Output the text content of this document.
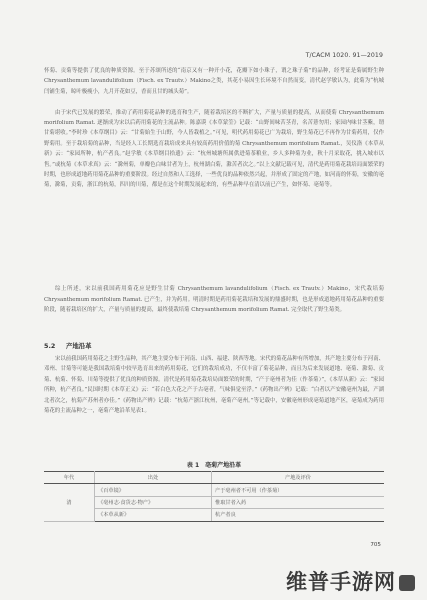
T/CACM 1020. 91—2019

怀菊、贡菊等提供了优良的种质资源。至于苏颂所述的“南京又有一种开小花，花瓣下如小珠子，谓之珠子菊”的品种，经考证是菊属野生种 Chrysanthemum lavandulifolium（Fisch. ex Trautv.）Makino之类，其花小易因生长环境不自然而变，清代赵学敏认为，此菊为“杭城闫铺生菊，晾叶极瘦小，九月开花如豆，香而且甘的城头菊”。

由于宋代已发展的繁荣，推动了药用菊花品种的选育和生产，随着栽培区的不断扩大，产量与质量的提高，从而使菊 Chrysanthemum morifolium Ramat. 逐渐成为宋以后药用菊花的主流品种。陈嘉谟《本草蒙筌》记载：“山野间味苦茎青，名苦薏勿用；家园内味甘茎紫，谓甘菊堪收。”李时珍《本草纲目》云：“甘菊始生于山野，今人皆栽植之。”可见，明代药用菊花已广为栽培，野生菊花已不再作为甘菊药用，仅作野菊用。至于栽培菊的品种，当是经人工长期选育栽培成来具有较高药用价值的菊 Chrysanthemum morifolium Ramat.，吴仪洛《本草从新》云：“家园所种，杭产者良。”赵学敏《本草纲目拾遗》云：“杭州城塘所属供进菊茶粮业，乡人多种菊为业，秋十月采取花，挑入城市以售。”或杭菊《本草求真》云：“滁州菊，单瓣色白味甘者为上，杭州湖白菊，滁苦者次之。”以上文献记载可见，清代是药用菊花栽培局面繁荣的时期，也形成道地药用菊花品种的重要阶段。经过自然和人工选择，一些优良的品种依然兴起，并形成了固定的产地，如河南的怀菊，安徽的亳菊，滁菊，贡菊，浙江的杭菊，四川的川菊，都是在这个时期发展起来的，有些品种早在清以前已产生，如怀菊、亳菊等。

综上所述，宋以前我国药用菊花应是野生甘菊 Chrysanthemum lavandulifolium（Fisch. ex Trautv.）Makino，宋代栽培菊 Chrysanthemum morifolium Ramat. 已产生，并为药用。明清时期是药用菊花栽培和发展的鼎盛时期，也是形成道地药用菊花品种的重要阶段，随着栽培区的扩大，产量与质量的提高，最终使栽培菊 Chrysanthemum morifolium Ramat. 完全取代了野生菊类。

5.2 产地沿革

宋以前我国药用菊花之主野生品种，其产地主要分布于河南、山西、福建、陕西等地。宋代的菊花品种有所增加，其产地主要分布于河南、邓州、甘菊等可能是我国栽培菊中较早选育出来的药用菊花，它们的栽培成功，不仅丰富了菊花品种，而且为后来发展道地、亳菊、滁菊、贡菊、杭菊、怀菊、川菊等提供了优良的种质资源。清代是药用菊花栽培局面繁荣的时期，“产于亳州者为佳（作茶菊）”，《本草从新》云：“家园所种，杭产者良。”民国时期《本草正义》云：“若白色大花之产于古亳者，气味俱觉至浮。”《药物出产辨》记载：“白者以产安徽亳州为最，产湖北者次之，杭菊产苏州者亦佳。”《药物出产辨》记载：“杭菊产浙江杭州，亳菊产亳州。”等记载中，安徽亳州形成亳菊道地产区，亳菊成为药用菊花的主流品种之一，亳菊产地沿革见表1。

表 1　亳菊产地沿革
年代	出处	产地及评价
清	《百草镜》	产于亳州者不可用（作茶菊）
	《亳州志·食货志·物产》	惟取甘者入药
	《本草从新》	杭产者良
705
维普手游网
